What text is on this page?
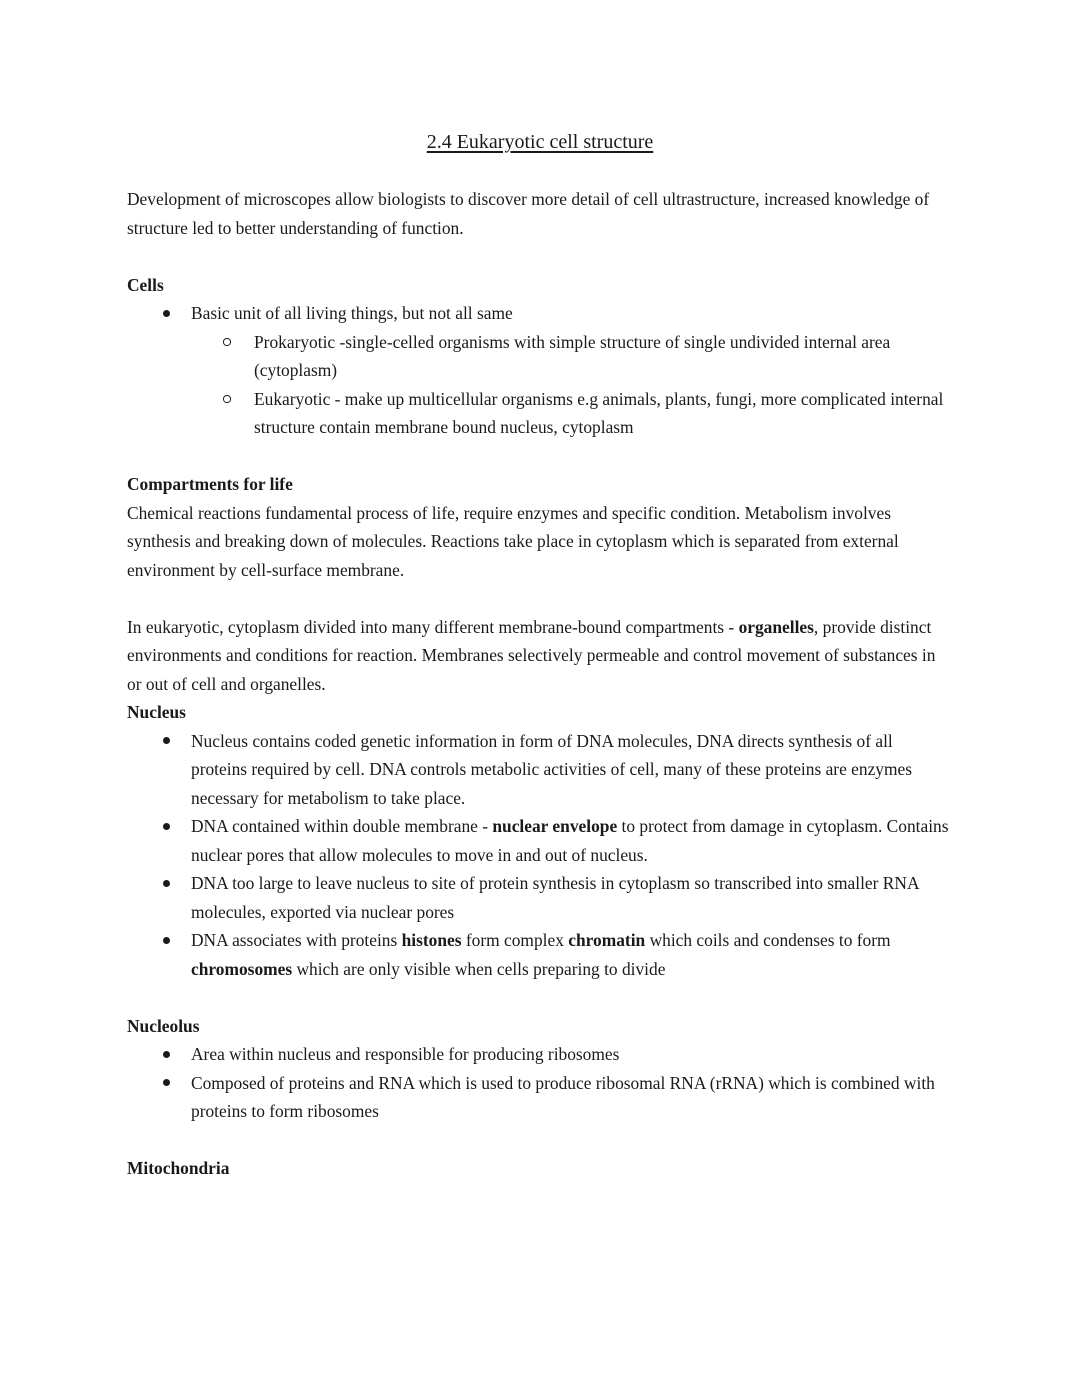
2.4 Eukaryotic cell structure
Development of microscopes allow biologists to discover more detail of cell ultrastructure, increased knowledge of structure led to better understanding of function.
Cells
Basic unit of all living things, but not all same
Prokaryotic -single-celled organisms with simple structure of single undivided internal area (cytoplasm)
Eukaryotic - make up multicellular organisms e.g animals, plants, fungi, more complicated internal structure contain membrane bound nucleus, cytoplasm
Compartments for life
Chemical reactions fundamental process of life, require enzymes and specific condition. Metabolism involves synthesis and breaking down of molecules. Reactions take place in cytoplasm which is separated from external environment by cell-surface membrane.
In eukaryotic, cytoplasm divided into many different membrane-bound compartments - organelles, provide distinct environments and conditions for reaction. Membranes selectively permeable and control movement of substances in or out of cell and organelles.
Nucleus
Nucleus contains coded genetic information in form of DNA molecules, DNA directs synthesis of all proteins required by cell. DNA controls metabolic activities of cell, many of these proteins are enzymes necessary for metabolism to take place.
DNA contained within double membrane - nuclear envelope to protect from damage in cytoplasm. Contains nuclear pores that allow molecules to move in and out of nucleus.
DNA too large to leave nucleus to site of protein synthesis in cytoplasm so transcribed into smaller RNA molecules, exported via nuclear pores
DNA associates with proteins histones form complex chromatin which coils and condenses to form chromosomes which are only visible when cells preparing to divide
Nucleolus
Area within nucleus and responsible for producing ribosomes
Composed of proteins and RNA which is used to produce ribosomal RNA (rRNA) which is combined with proteins to form ribosomes
Mitochondria
